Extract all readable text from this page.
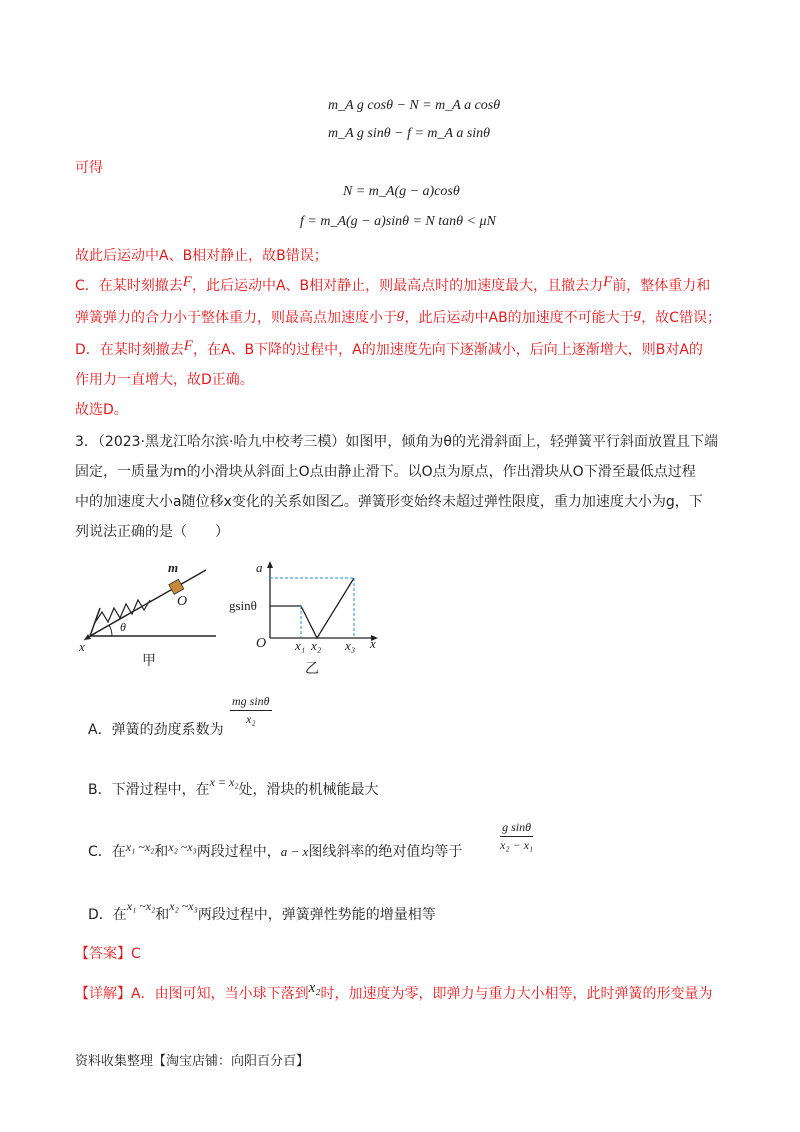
m_A g cosθ − N = m_A a cosθ
m_A g sinθ − f = m_A a sinθ
可得
N = m_A(g − a)cosθ
f = m_A(g − a)sinθ = N tanθ < μN
故此后运动中A、B相对静止，故B错误；
C．在某时刻撤去F，此后运动中A、B相对静止，则最高点时的加速度最大，且撤去力F前，整体重力和
弹簧弹力的合力小于整体重力，则最高点加速度小于g，此后运动中AB的加速度不可能大于g，故C错误；
D．在某时刻撤去F，在A、B下降的过程中，A的加速度先向下逐渐减小，后向上逐渐增大，则B对A的
作用力一直增大，故D正确。
故选D。
3．（2023·黑龙江哈尔滨·哈九中校考三模）如图甲，倾角为θ的光滑斜面上，轻弹簧平行斜面放置且下端
固定，一质量为m的小滑块从斜面上O点由静止滑下。以O点为原点，作出滑块从O下滑至最低点过程
中的加速度大小a随位移x变化的关系如图乙。弹簧形变始终未超过弹性限度，重力加速度大小为g，下
列说法正确的是（　　）
m
O
θ
x
甲
a
gsinθ
O x₁ x₂ x₃ x
乙
A．弹簧的劲度系数为
$\frac{\text{mg sinθ}}{\text{x₂}}$
B．下滑过程中，在x = x₂处，滑块的机械能最大
C．在x₁ ~x₂和x₂ ~x₃两段过程中，a − x图线斜率的绝对值均等于	$\frac{\text{g sinθ}}{\text{x₂ − x₁}}$
D．在x₁ ~x₂和x₂ ~x₃两段过程中，弹簧弹性势能的增量相等
【答案】C
【详解】A．由图可知，当小球下落到x₂时，加速度为零，即弹力与重力大小相等，此时弹簧的形变量为
资料收集整理【淘宝店铺：向阳百分百】
